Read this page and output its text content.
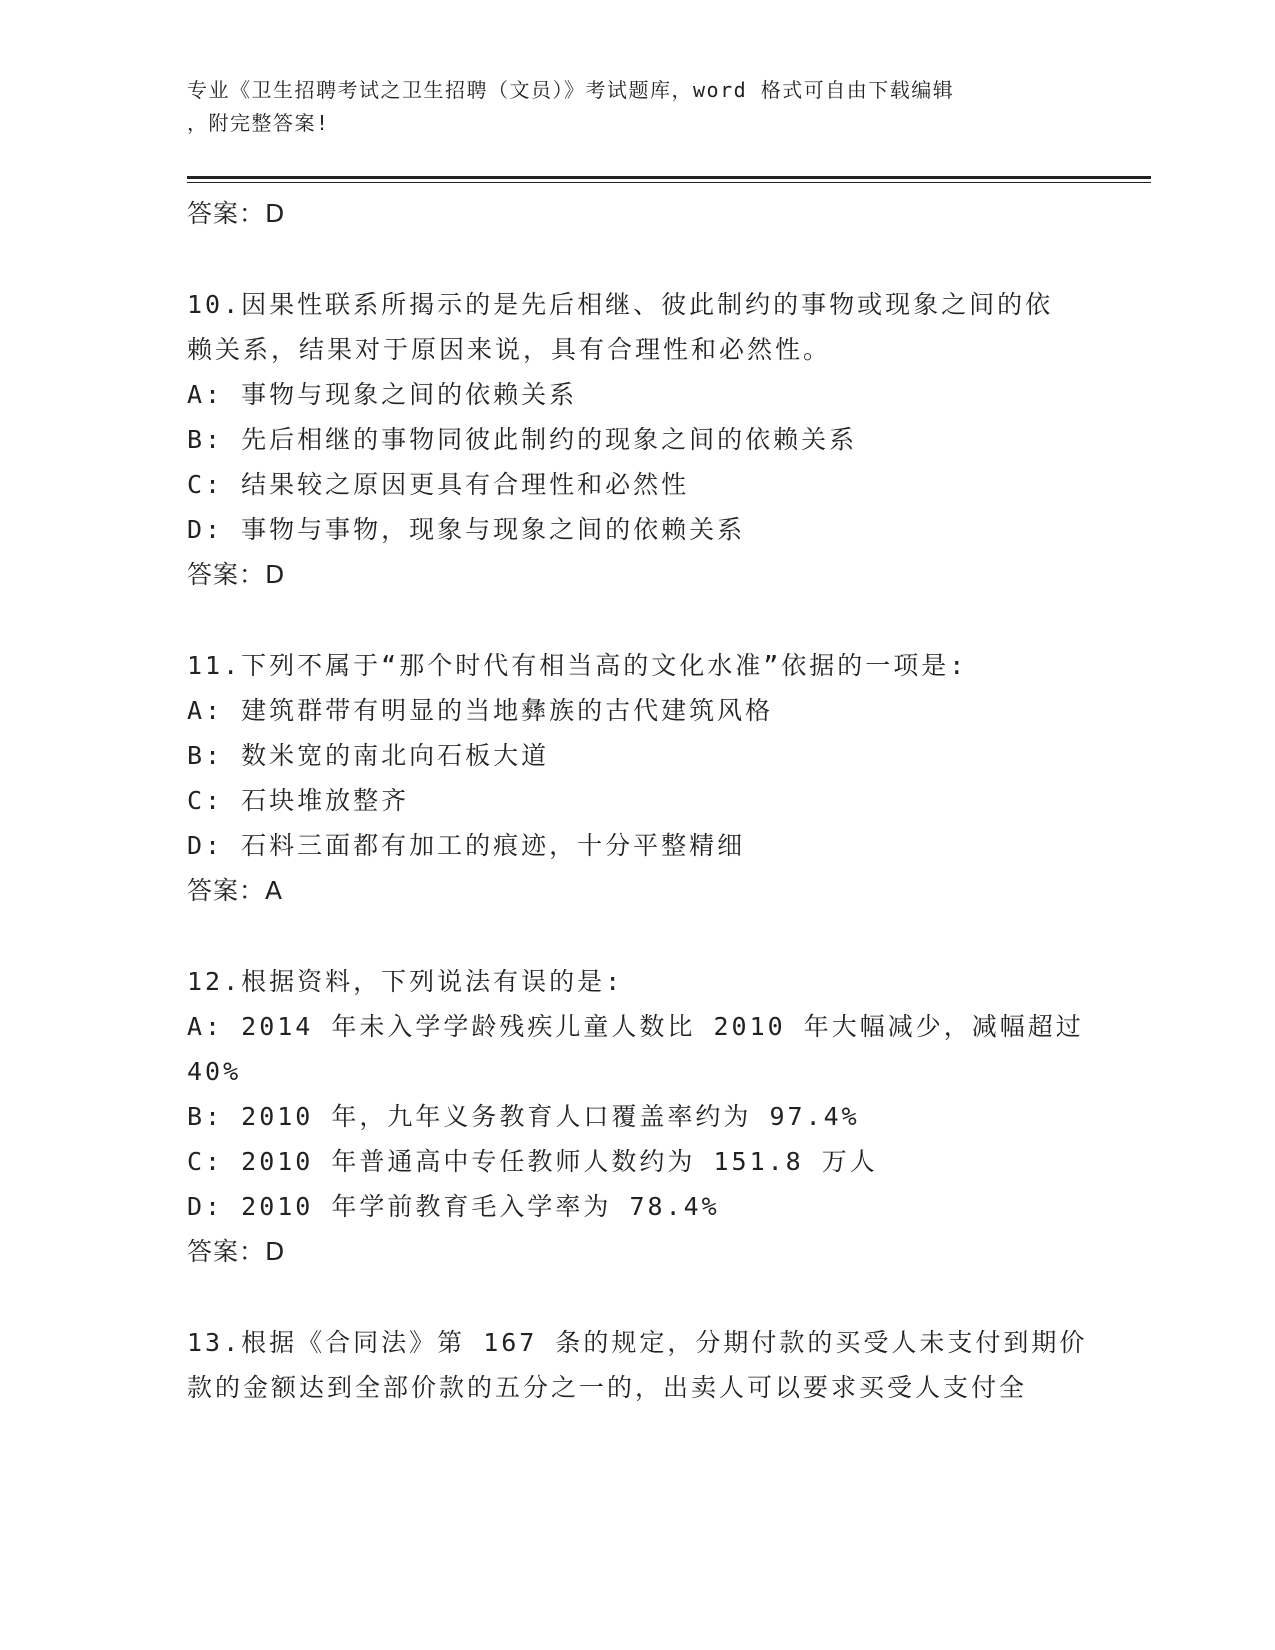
专业《卫生招聘考试之卫生招聘（文员）》考试题库，word 格式可自由下载编辑
，附完整答案!
答案：D
10.因果性联系所揭示的是先后相继、彼此制约的事物或现象之间的依
赖关系，结果对于原因来说，具有合理性和必然性。
A: 事物与现象之间的依赖关系
B: 先后相继的事物同彼此制约的现象之间的依赖关系
C: 结果较之原因更具有合理性和必然性
D: 事物与事物，现象与现象之间的依赖关系
答案：D
11.下列不属于“那个时代有相当高的文化水准”依据的一项是:
A: 建筑群带有明显的当地彝族的古代建筑风格
B: 数米宽的南北向石板大道
C: 石块堆放整齐
D: 石料三面都有加工的痕迹，十分平整精细
答案：A
12.根据资料，下列说法有误的是:
A: 2014 年未入学学龄残疾儿童人数比 2010 年大幅减少，减幅超过
40%
B: 2010 年，九年义务教育人口覆盖率约为 97.4%
C: 2010 年普通高中专任教师人数约为 151.8 万人
D: 2010 年学前教育毛入学率为 78.4%
答案：D
13.根据《合同法》第 167 条的规定，分期付款的买受人未支付到期价
款的金额达到全部价款的五分之一的，出卖人可以要求买受人支付全
